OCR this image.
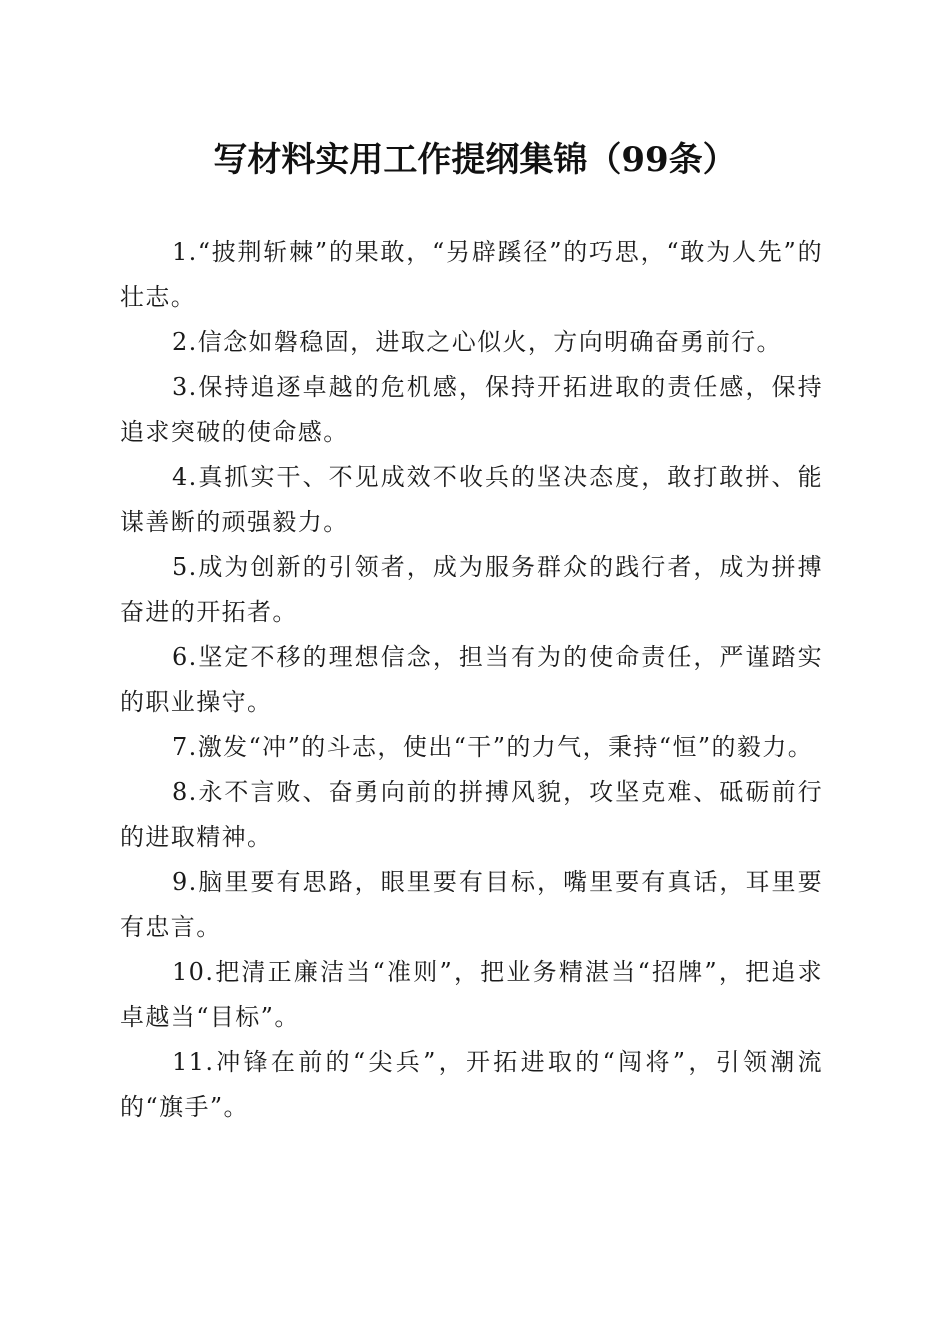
写材料实用工作提纲集锦（99条）

1.“披荆斩棘”的果敢，“另辟蹊径”的巧思，“敢为人先”的壮志。

2.信念如磐稳固，进取之心似火，方向明确奋勇前行。

3.保持追逐卓越的危机感，保持开拓进取的责任感，保持追求突破的使命感。

4.真抓实干、不见成效不收兵的坚决态度，敢打敢拼、能谋善断的顽强毅力。

5.成为创新的引领者，成为服务群众的践行者，成为拼搏奋进的开拓者。

6.坚定不移的理想信念，担当有为的使命责任，严谨踏实的职业操守。

7.激发“冲”的斗志，使出“干”的力气，秉持“恒”的毅力。

8.永不言败、奋勇向前的拼搏风貌，攻坚克难、砥砺前行的进取精神。

9.脑里要有思路，眼里要有目标，嘴里要有真话，耳里要有忠言。

10.把清正廉洁当“准则”，把业务精湛当“招牌”，把追求卓越当“目标”。

11.冲锋在前的“尖兵”，开拓进取的“闯将”，引领潮流的“旗手”。
